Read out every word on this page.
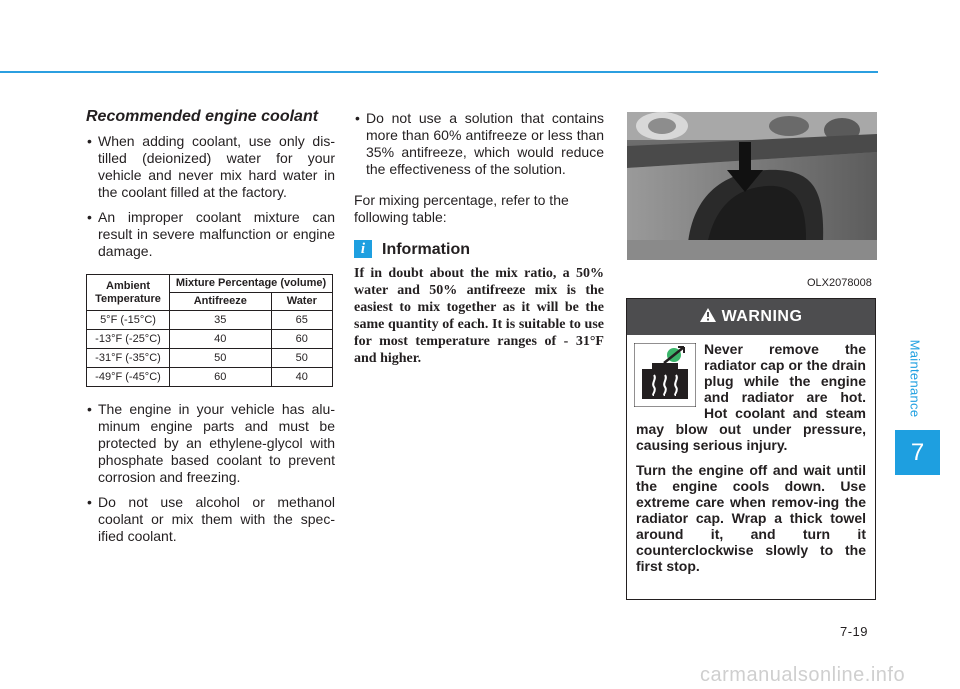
Recommended engine coolant
• When adding coolant, use only dis-tilled (deionized) water for your vehicle and never mix hard water in the coolant filled at the factory.
• An improper coolant mixture can result in severe malfunction or engine damage.
Ambient Temperature	Mixture Percentage (volume)	
	Antifreeze	Water
5°F (-15°C)	35	65
-13°F (-25°C)	40	60
-31°F (-35°C)	50	50
-49°F (-45°C)	60	40
• The engine in your vehicle has alu-minum engine parts and must be protected by an ethylene-glycol with phosphate based coolant to prevent corrosion and freezing.
• Do not use alcohol or methanol coolant or mix them with the spec-ified coolant.
• Do not use a solution that contains more than 60% antifreeze or less than 35% antifreeze, which would reduce the effectiveness of the solution.

For mixing percentage, refer to the following table:

i	Information
If in doubt about the mix ratio, a 50% water and 50% antifreeze mix is the easiest to mix together as it will be the same quantity of each. It is suitable to use for most temperature ranges of - 31°F and higher.
OLX2078008
WARNING

Never remove the radiator cap or the drain plug while the engine and radiator are hot. Hot coolant and steam may blow out under pressure, causing serious injury.

Turn the engine off and wait until the engine cools down. Use extreme care when remov-ing the radiator cap. Wrap a thick towel around it, and turn it counterclockwise slowly to the first stop.

Maintenance
7
7-19
carmanualsonline.info
